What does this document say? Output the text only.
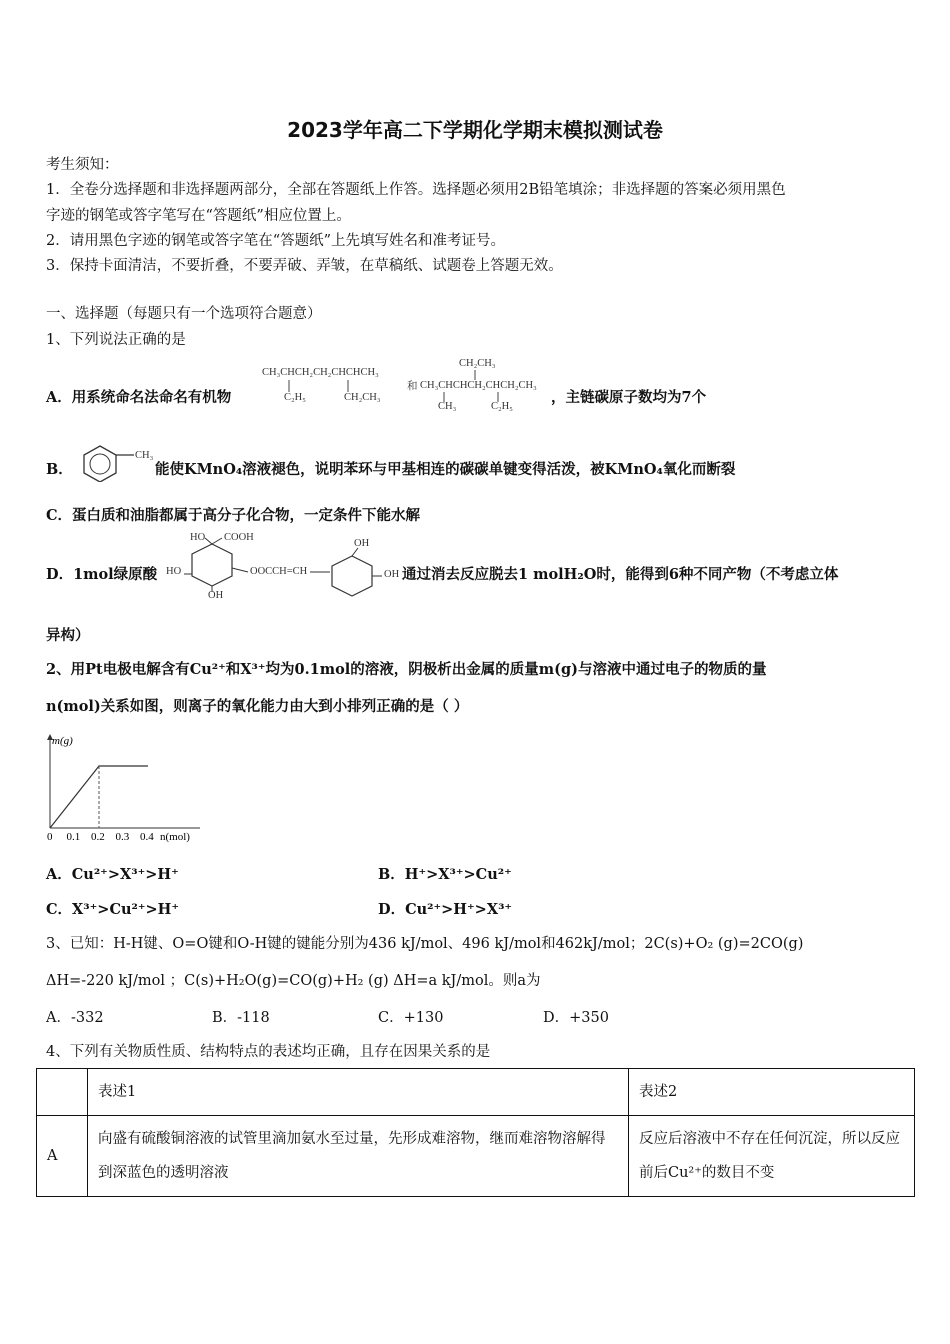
2023学年高二下学期化学期末模拟测试卷
考生须知：
1．全卷分选择题和非选择题两部分，全部在答题纸上作答。选择题必须用2B铅笔填涂；非选择题的答案必须用黑色
字迹的钢笔或答字笔写在“答题纸”相应位置上。
2．请用黑色字迹的钢笔或答字笔在“答题纸”上先填写姓名和准考证号。
3．保持卡面清洁，不要折叠，不要弄破、弄皱，在草稿纸、试题卷上答题无效。
一、选择题（每题只有一个选项符合题意）
1、下列说法正确的是
A．用系统命名法命名有机物
CH₃CHCH₂CH₂CHCHCH₃
C₂H₅	CH₂CH₃
和
CH₂CH₃
CH₃CHCHCH₂CHCH₂CH₃
CH₃	C₂H₅
，主链碳原子数均为7个
B．
CH₃
能使KMnO₄溶液褪色，说明苯环与甲基相连的碳碳单键变得活泼，被KMnO₄氧化而断裂
C．蛋白质和油脂都属于高分子化合物，一定条件下能水解
D．1mol绿原酸
HO COOH
HO
OH
OOCCH=CH
OH
OH 通过消去反应脱去1 molH₂O时，能得到6种不同产物（不考虑立体
异构）
2、用Pt电极电解含有Cu²⁺和X³⁺均为0.1mol的溶液，阴极析出金属的质量m(g)与溶液中通过电子的物质的量
n(mol)关系如图，则离子的氧化能力由大到小排列正确的是（ ）
m(g)
n(mol)
0 0.1 0.2 0.3 0.4
A．Cu²⁺>X³⁺>H⁺	B．H⁺>X³⁺>Cu²⁺
C．X³⁺>Cu²⁺>H⁺	D．Cu²⁺>H⁺>X³⁺
3、已知：H-H键、O=O键和O-H键的键能分别为436 kJ/mol、496 kJ/mol和462kJ/mol；2C(s)+O₂ (g)=2CO(g)
ΔH=-220 kJ/mol ；C(s)+H₂O(g)=CO(g)+H₂ (g) ΔH=a kJ/mol。则a为
A．-332	B．-118	C．+130	D．+350
4、下列有关物质性质、结构特点的表述均正确，且存在因果关系的是
	表述1	表述2
A	向盛有硫酸铜溶液的试管里滴加氨水至过量，先形成难溶物，继而难溶物溶解得到深蓝色的透明溶液	反应后溶液中不存在任何沉淀，所以反应前后Cu²⁺的数目不变
